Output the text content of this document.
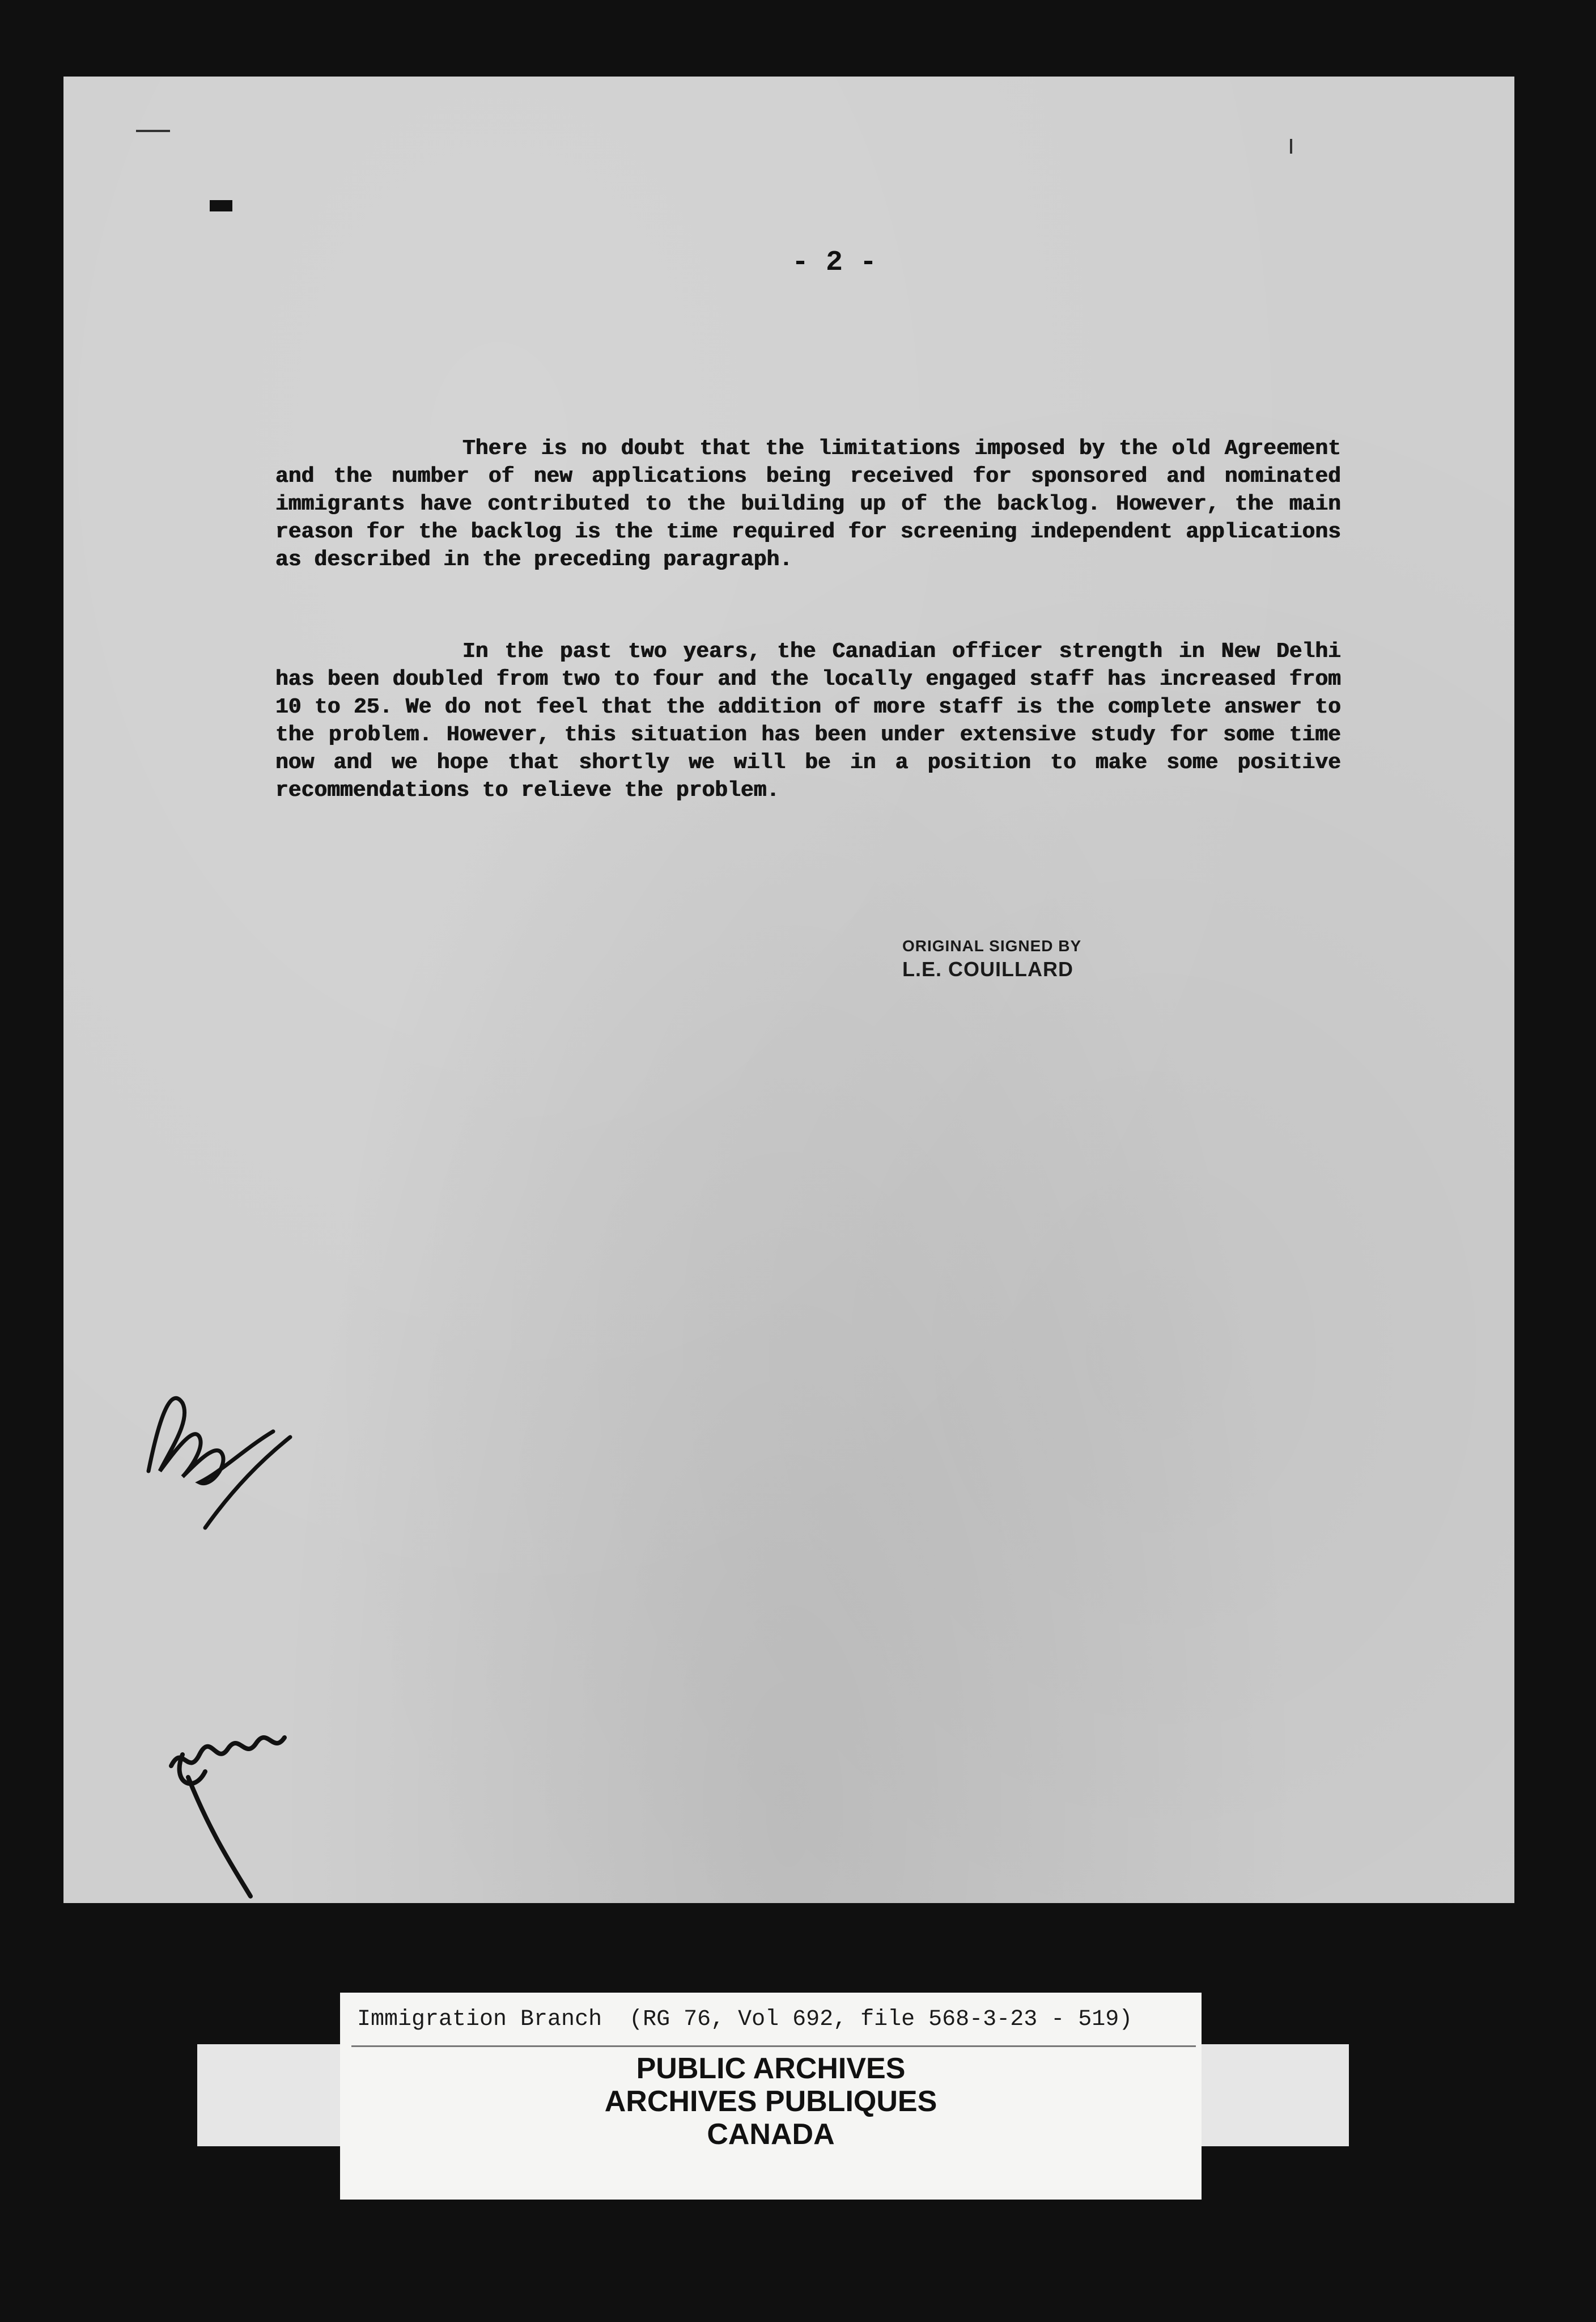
- 2 -

There is no doubt that the limitations imposed by the old Agreement and the number of new applications being received for sponsored and nominated immigrants have contributed to the building up of the backlog. However, the main reason for the backlog is the time required for screening independent applications as described in the preceding paragraph.

In the past two years, the Canadian officer strength in New Delhi has been doubled from two to four and the locally engaged staff has increased from 10 to 25. We do not feel that the addition of more staff is the complete answer to the problem. However, this situation has been under extensive study for some time now and we hope that shortly we will be in a position to make some positive recommendations to relieve the problem.

ORIGINAL SIGNED BY
L.E. COUILLARD
Immigration Branch  (RG 76, Vol 692, file 568-3-23 - 519)
PUBLIC ARCHIVES
ARCHIVES PUBLIQUES
CANADA
